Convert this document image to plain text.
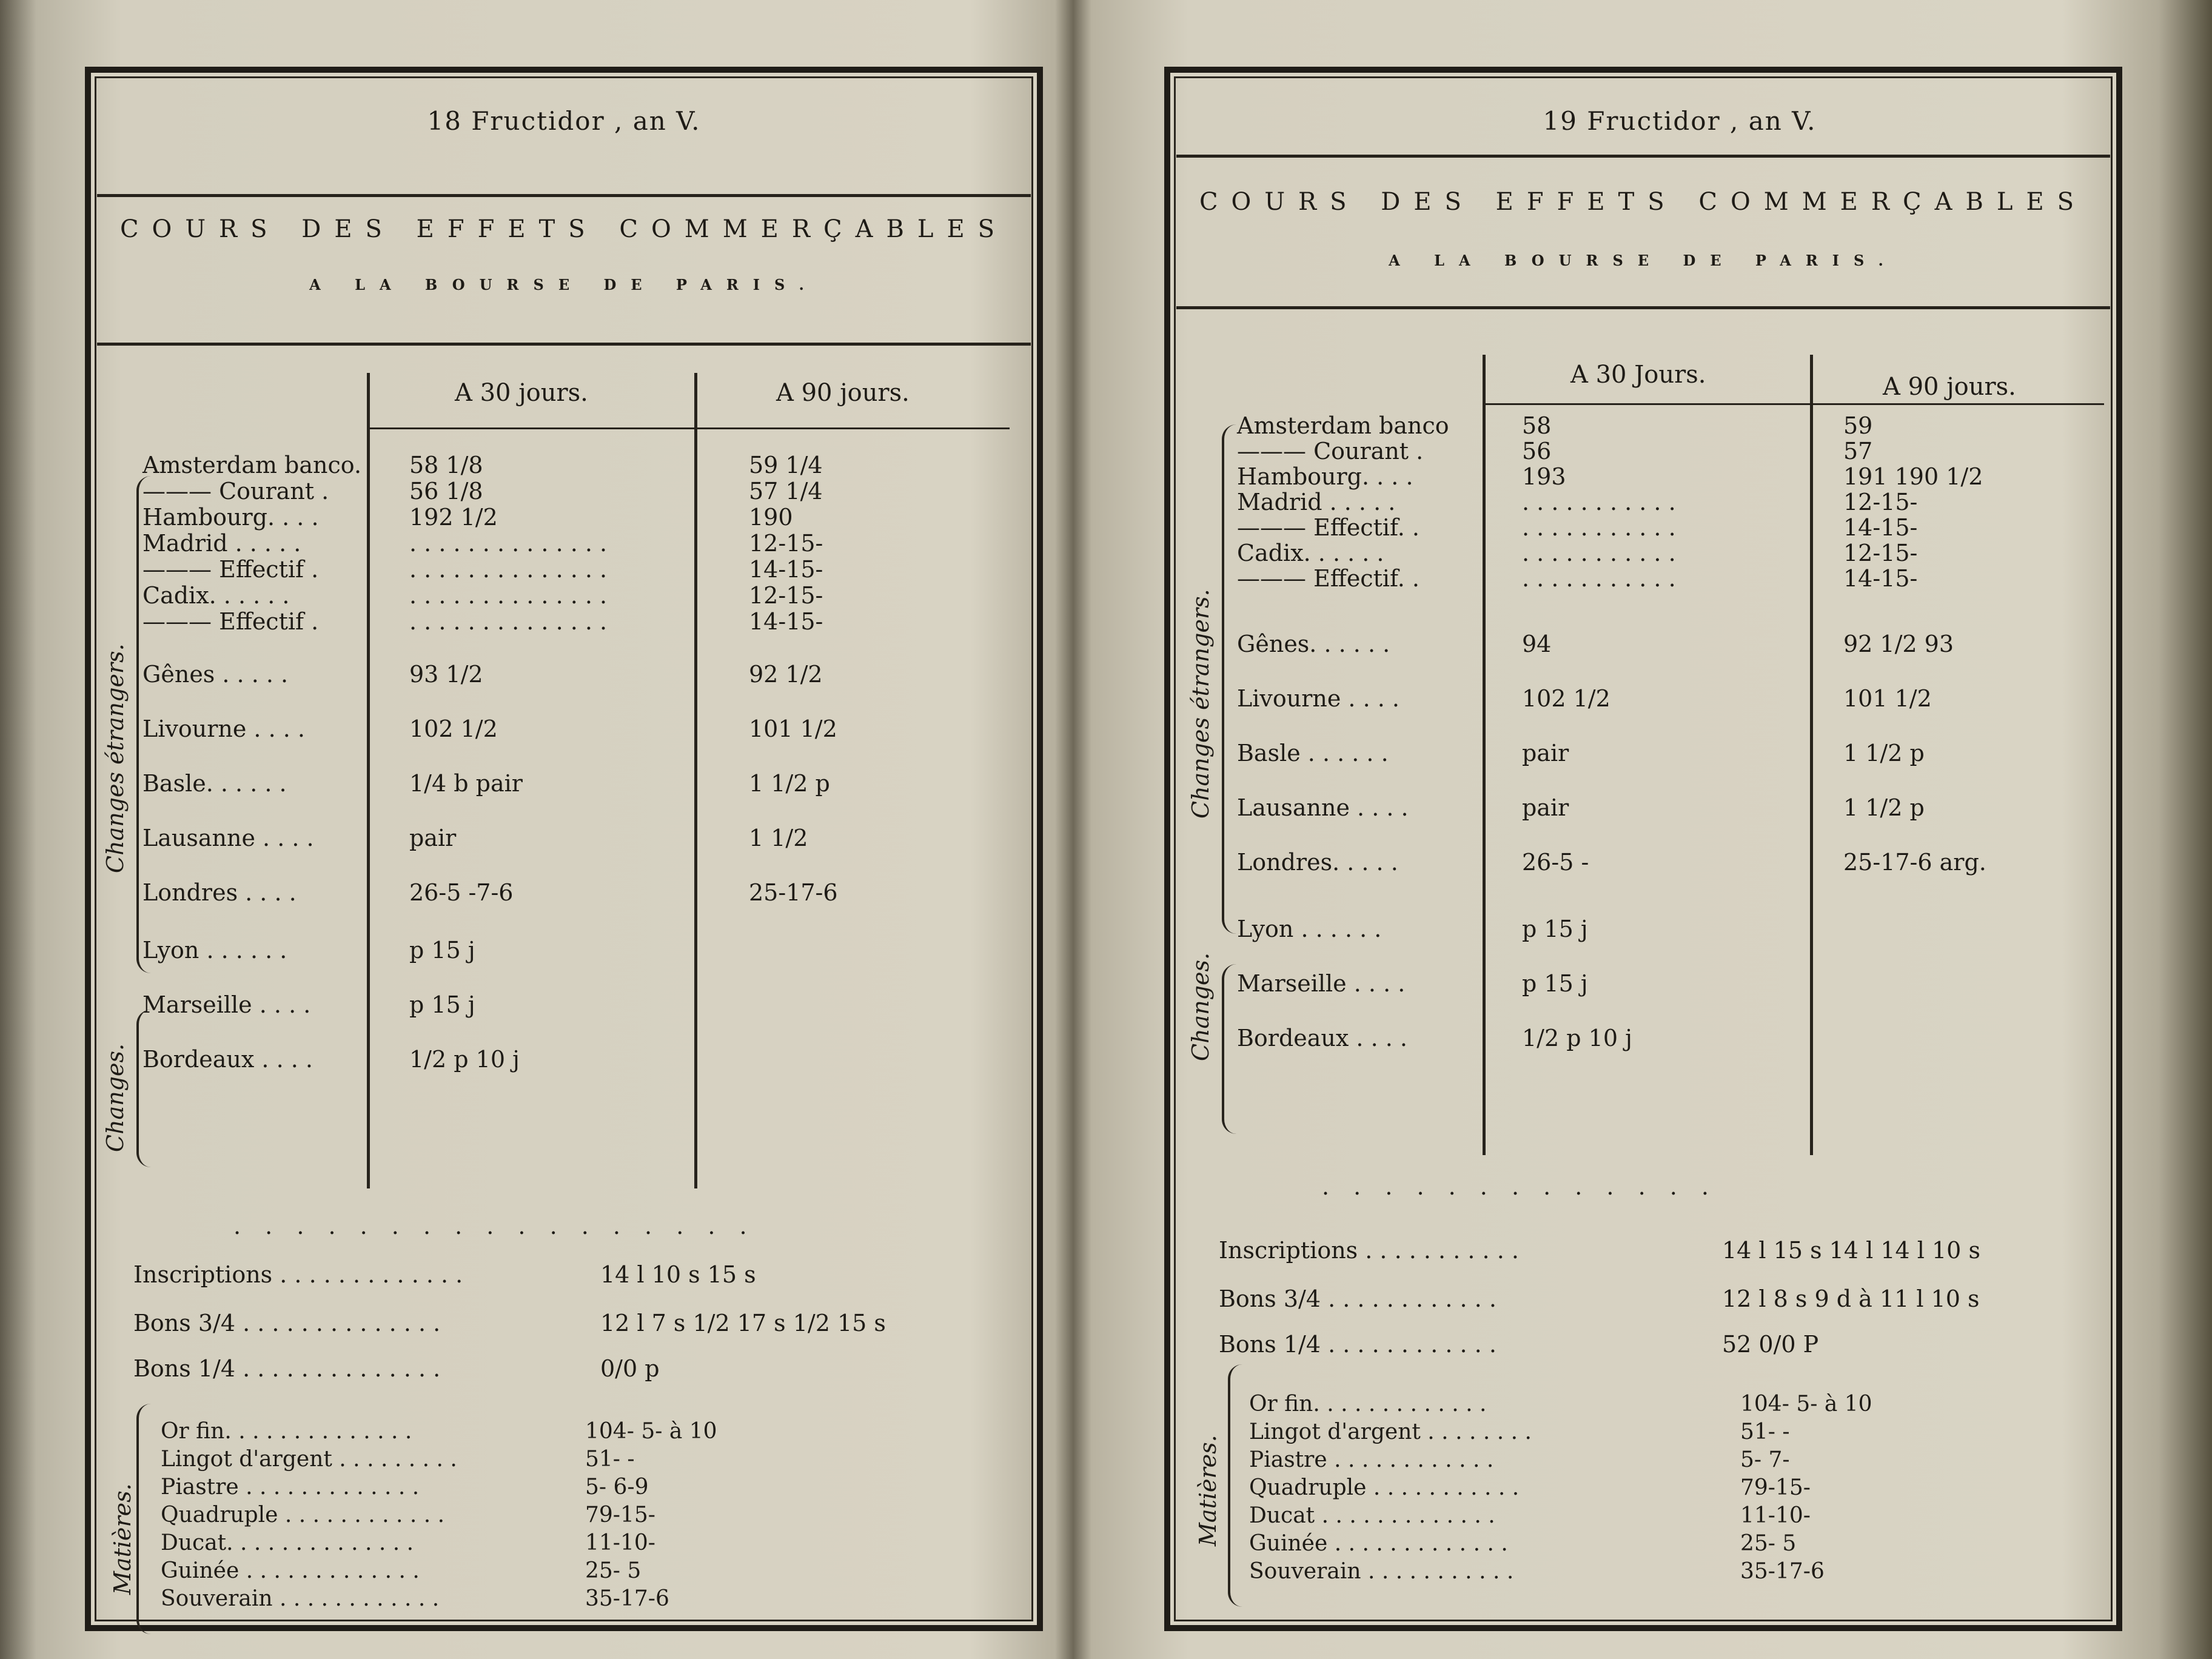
18 Fructidor , an V.
COURS DES EFFETS COMMERÇABLES
A LA BOURSE DE PARIS.
A 30 jours.	A 90 jours.
Changes étrangers.
Changes.
Amsterdam banco. 58 1/8	59 1/4
——— Courant .	56 1/8	57 1/4
Hambourg. . . .	192 1/2	190
Madrid . . . . .	. . . . . . . . . . . . . .	12-15-
——— Effectif .	. . . . . . . . . . . . . .	14-15-
Cadix. . . . . .	. . . . . . . . . . . . . .	12-15-
——— Effectif .	. . . . . . . . . . . . . .	14-15-
Gênes . . . . .	93 1/2	92 1/2
Livourne . . . .	102 1/2	101 1/2
Basle. . . . . .	1/4 b pair	1 1/2 p
Lausanne . . . .	pair	1 1/2
Londres . . . .	26-5 -7-6	25-17-6
Lyon . . . . . .	p 15 j
Marseille . . . .	p 15 j
Bordeaux . . . .	1/2 p 10 j
. . . . . . . . . . . . . . . . .
Inscriptions . . . . . . . . . . . . .	14 l 10 s 15 s
Bons 3/4 . . . . . . . . . . . . . .	12 l 7 s 1/2 17 s 1/2 15 s
Bons 1/4 . . . . . . . . . . . . . .	0/0 p
Matières.
Or fin. . . . . . . . . . . . . .	104- 5- à 10
Lingot d'argent . . . . . . . . .	51- -
Piastre . . . . . . . . . . . . .	5- 6-9
Quadruple . . . . . . . . . . . .	79-15-
Ducat. . . . . . . . . . . . . .	11-10-
Guinée . . . . . . . . . . . . .	25- 5
Souverain . . . . . . . . . . . .	35-17-6
19 Fructidor , an V.
COURS DES EFFETS COMMERÇABLES
A LA BOURSE DE PARIS.
A 30 Jours.	A 90 jours.
Changes étrangers.
Changes.
Amsterdam banco	58	59
——— Courant .	56	57
Hambourg. . . .	193	191 190 1/2
Madrid . . . . .	. . . . . . . . . . .	12-15-
——— Effectif. .	. . . . . . . . . . .	14-15-
Cadix. . . . . .	. . . . . . . . . . .	12-15-
——— Effectif. .	. . . . . . . . . . .	14-15-
Gênes. . . . . .	94	92 1/2 93
Livourne . . . .	102 1/2	101 1/2
Basle . . . . . .	pair	1 1/2 p
Lausanne . . . .	pair	1 1/2 p
Londres. . . . .	26-5 -	25-17-6 arg.
Lyon . . . . . .	p 15 j
Marseille . . . .	p 15 j
Bordeaux . . . .	1/2 p 10 j
. . . . . . . . . . . . .
Inscriptions . . . . . . . . . . .	14 l 15 s 14 l 14 l 10 s
Bons 3/4 . . . . . . . . . . . .	12 l 8 s 9 d à 11 l 10 s
Bons 1/4 . . . . . . . . . . . .	52 0/0 P
Matières.
Or fin. . . . . . . . . . . . .	104- 5- à 10
Lingot d'argent . . . . . . . .	51- -
Piastre . . . . . . . . . . . .	5- 7-
Quadruple . . . . . . . . . . .	79-15-
Ducat . . . . . . . . . . . . .	11-10-
Guinée . . . . . . . . . . . . .	25- 5
Souverain . . . . . . . . . . .	35-17-6
